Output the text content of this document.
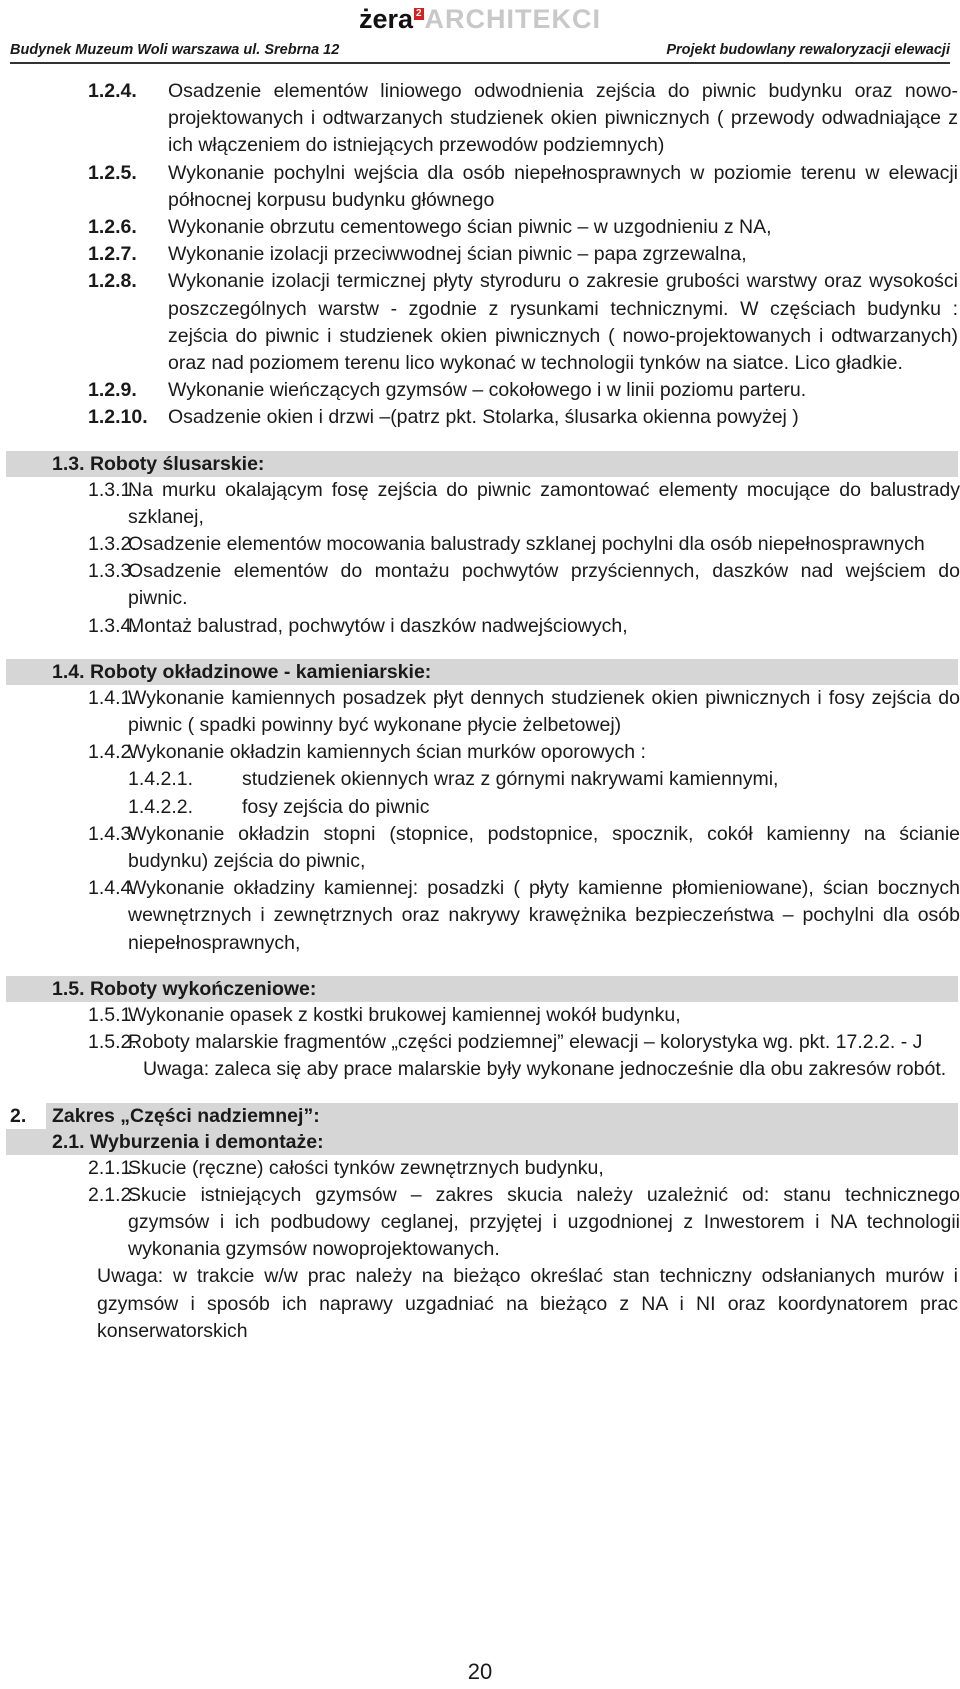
żera 2 ARCHITEKCI
Budynek Muzeum Woli warszawa ul. Srebrna 12	Projekt budowlany rewaloryzacji elewacji
1.2.4. Osadzenie elementów liniowego odwodnienia zejścia do piwnic budynku oraz nowo-projektowanych i odtwarzanych studzienek okien piwnicznych ( przewody odwadniające z ich włączeniem do istniejących przewodów podziemnych)
1.2.5. Wykonanie pochylni wejścia dla osób niepełnosprawnych w poziomie terenu w elewacji północnej korpusu budynku głównego
1.2.6. Wykonanie obrzutu cementowego ścian piwnic – w uzgodnieniu z NA,
1.2.7. Wykonanie izolacji przeciwwodnej ścian piwnic – papa zgrzewalna,
1.2.8. Wykonanie izolacji termicznej płyty styroduru o zakresie grubości warstwy oraz wysokości poszczególnych warstw - zgodnie z rysunkami technicznymi. W częściach budynku : zejścia do piwnic i studzienek okien piwnicznych ( nowo-projektowanych i odtwarzanych) oraz nad poziomem terenu lico wykonać w technologii tynków na siatce. Lico gładkie.
1.2.9. Wykonanie wieńczących gzymsów – cokołowego i w linii poziomu parteru.
1.2.10. Osadzenie okien i drzwi –(patrz pkt. Stolarka, ślusarka okienna powyżej )
1.3. Roboty ślusarskie:
1.3.1.
Na murku okalającym fosę zejścia do piwnic zamontować elementy mocujące do balustrady szklanej,
1.3.2.
Osadzenie elementów mocowania balustrady szklanej pochylni dla osób niepełnosprawnych
1.3.3.
Osadzenie elementów do montażu pochwytów przyściennych, daszków nad wejściem do piwnic.
1.3.4.
Montaż balustrad, pochwytów i daszków nadwejściowych,
1.4. Roboty okładzinowe - kamieniarskie:
1.4.1.
Wykonanie kamiennych posadzek płyt dennych studzienek okien piwnicznych i fosy zejścia do piwnic ( spadki powinny być wykonane płycie żelbetowej)
1.4.2.
Wykonanie okładzin kamiennych ścian murków oporowych :
1.4.2.1.	studzienek okiennych wraz z górnymi nakrywami kamiennymi,
1.4.2.2.	fosy zejścia do piwnic
1.4.3.
Wykonanie okładzin stopni (stopnice, podstopnice, spocznik, cokół kamienny na ścianie budynku) zejścia do piwnic,
1.4.4.
Wykonanie okładziny kamiennej: posadzki ( płyty kamienne płomieniowane), ścian bocznych wewnętrznych i zewnętrznych oraz nakrywy krawężnika bezpieczeństwa – pochylni dla osób niepełnosprawnych,
1.5. Roboty wykończeniowe:
1.5.1.
Wykonanie opasek z kostki brukowej kamiennej wokół budynku,
1.5.2.
Roboty malarskie fragmentów „części podziemnej” elewacji – kolorystyka wg. pkt. 17.2.2. - J
Uwaga: zaleca się aby prace malarskie były wykonane jednocześnie dla obu zakresów robót.
2. Zakres „Części nadziemnej”:
2.1. Wyburzenia i demontaże:
2.1.1.
Skucie (ręczne) całości tynków zewnętrznych budynku,
2.1.2.
Skucie istniejących gzymsów – zakres skucia należy uzależnić od: stanu technicznego gzymsów i ich podbudowy ceglanej, przyjętej i uzgodnionej z Inwestorem i NA technologii wykonania gzymsów nowoprojektowanych.
Uwaga: w trakcie w/w prac należy na bieżąco określać stan techniczny odsłanianych murów i gzymsów i sposób ich naprawy uzgadniać na bieżąco z NA i NI oraz koordynatorem prac konserwatorskich
20
